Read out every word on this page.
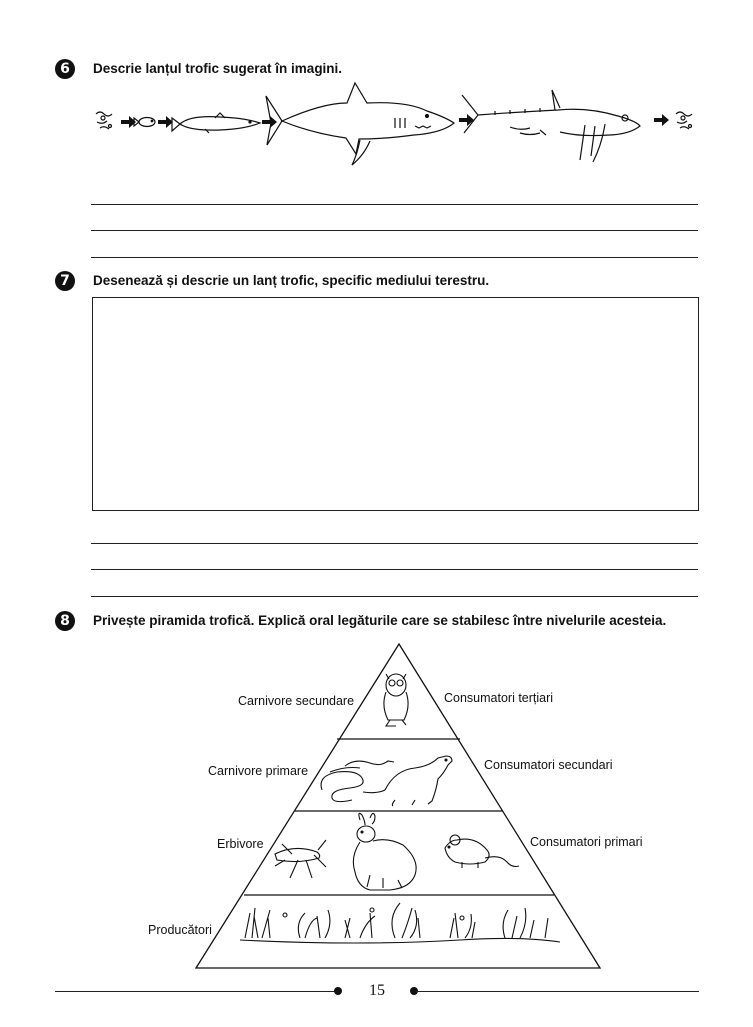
6	Descrie lanțul trofic sugerat în imagini.
7	Desenează și descrie un lanț trofic, specific mediului terestru.
8	Privește piramida trofică. Explică oral legăturile care se stabilesc între nivelurile acesteia.
Carnivore secundare
Carnivore primare
Erbivore
Producători
Consumatori terțiari
Consumatori secundari
Consumatori primari
15
